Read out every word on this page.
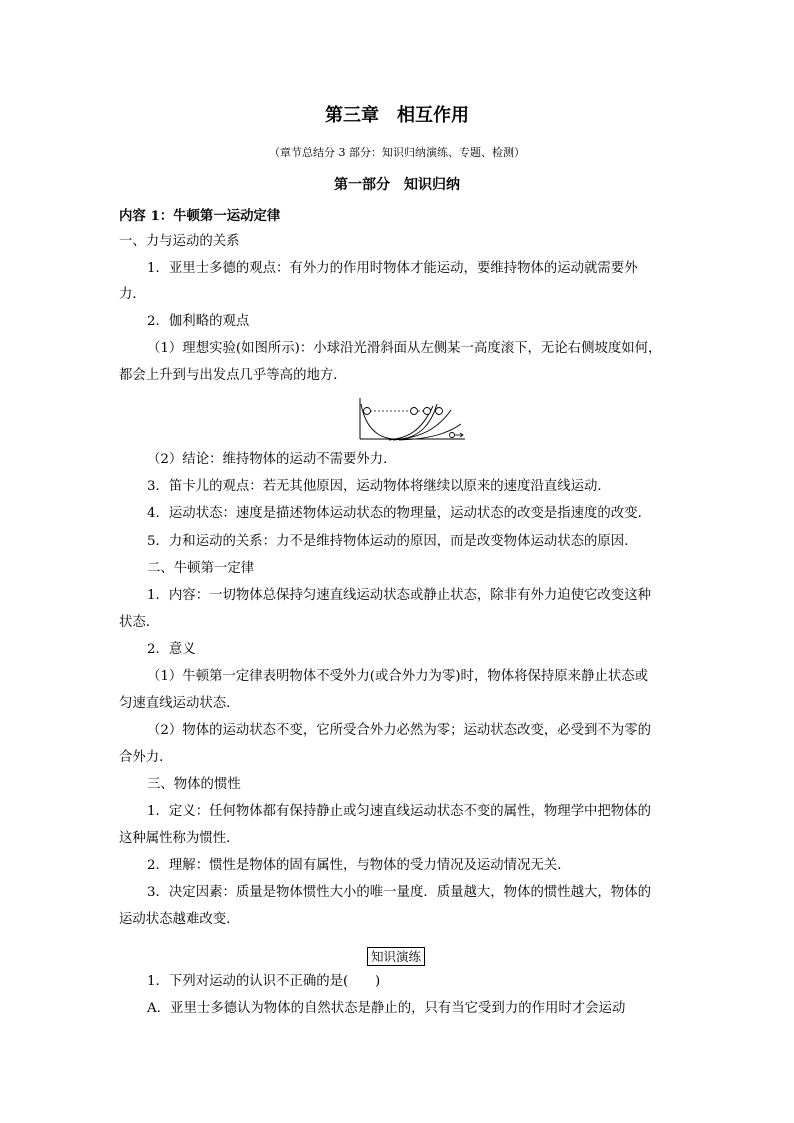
第三章　相互作用
（章节总结分 3 部分：知识归纳演练、专题、检测）
第一部分　知识归纳
内容 1：牛顿第一运动定律
一、力与运动的关系
1．亚里士多德的观点：有外力的作用时物体才能运动，要维持物体的运动就需要外
力．
2．伽利略的观点
（1）理想实验(如图所示)：小球沿光滑斜面从左侧某一高度滚下，无论右侧坡度如何，
都会上升到与出发点几乎等高的地方．
（2）结论：维持物体的运动不需要外力．
3．笛卡儿的观点：若无其他原因，运动物体将继续以原来的速度沿直线运动．
4．运动状态：速度是描述物体运动状态的物理量，运动状态的改变是指速度的改变．
5．力和运动的关系：力不是维持物体运动的原因，而是改变物体运动状态的原因．
二、牛顿第一定律
1．内容：一切物体总保持匀速直线运动状态或静止状态，除非有外力迫使它改变这种
状态．
2．意义
（1）牛顿第一定律表明物体不受外力(或合外力为零)时，物体将保持原来静止状态或
匀速直线运动状态．
（2）物体的运动状态不变，它所受合外力必然为零；运动状态改变，必受到不为零的
合外力．
三、物体的惯性
1．定义：任何物体都有保持静止或匀速直线运动状态不变的属性，物理学中把物体的
这种属性称为惯性．
2．理解：惯性是物体的固有属性，与物体的受力情况及运动情况无关．
3．决定因素：质量是物体惯性大小的唯一量度．质量越大，物体的惯性越大，物体的
运动状态越难改变．
知识演练
1．下列对运动的认识不正确的是(　　)
A．亚里士多德认为物体的自然状态是静止的，只有当它受到力的作用时才会运动
